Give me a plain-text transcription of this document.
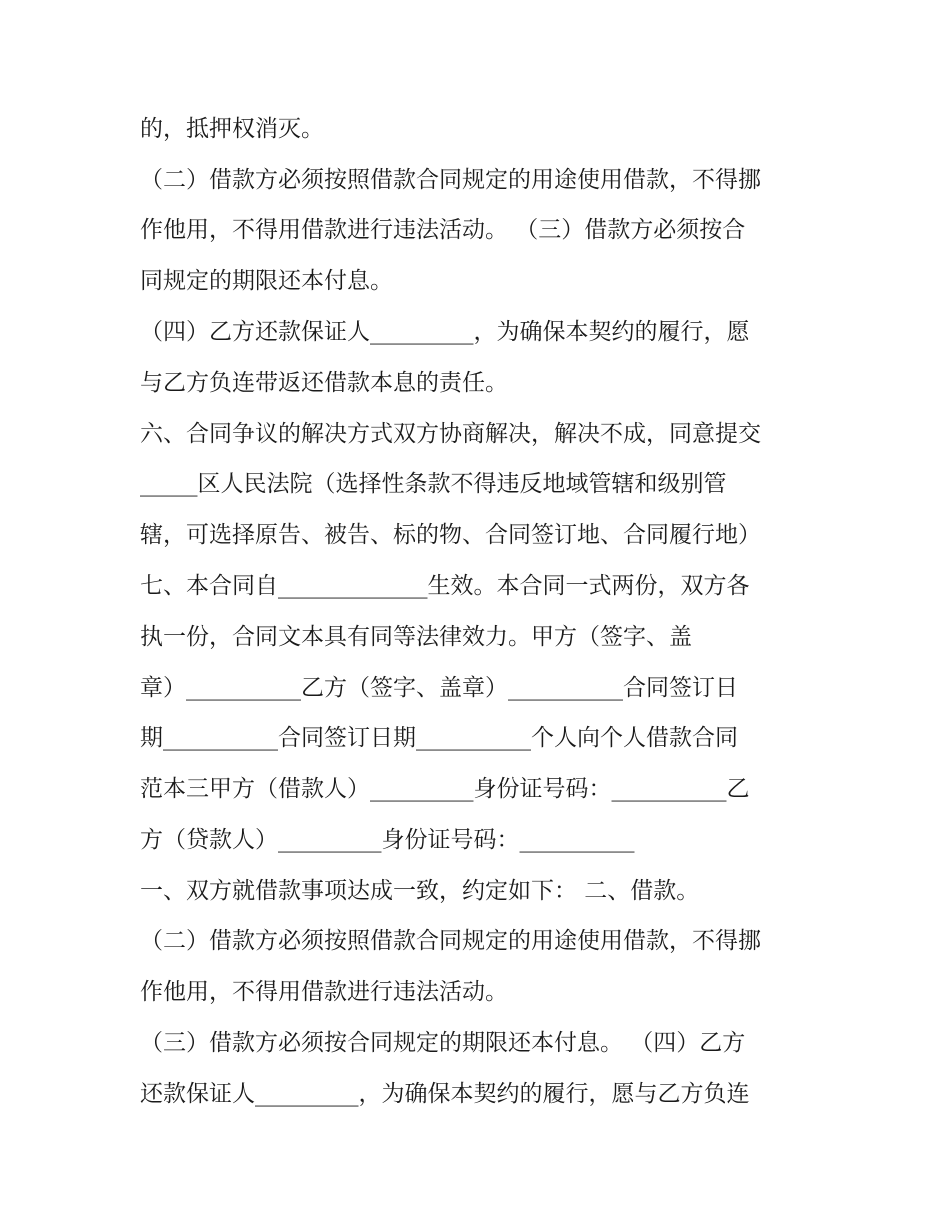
的，抵押权消灭。

（二）借款方必须按照借款合同规定的用途使用借款，不得挪

作他用，不得用借款进行违法活动。 （三）借款方必须按合

同规定的期限还本付息。

（四）乙方还款保证人_________，为确保本契约的履行，愿

与乙方负连带返还借款本息的责任。

六、合同争议的解决方式双方协商解决，解决不成，同意提交

_____区人民法院（选择性条款不得违反地域管辖和级别管

辖，可选择原告、被告、标的物、合同签订地、合同履行地）

七、本合同自_____________生效。本合同一式两份，双方各

执一份，合同文本具有同等法律效力。甲方（签字、盖

章）__________乙方（签字、盖章）__________合同签订日

期__________合同签订日期__________个人向个人借款合同

范本三甲方（借款人）_________身份证号码：__________乙

方（贷款人）_________身份证号码：__________

一、双方就借款事项达成一致，约定如下： 二、借款。

（二）借款方必须按照借款合同规定的用途使用借款，不得挪

作他用，不得用借款进行违法活动。

（三）借款方必须按合同规定的期限还本付息。 （四）乙方

还款保证人_________，为确保本契约的履行，愿与乙方负连
